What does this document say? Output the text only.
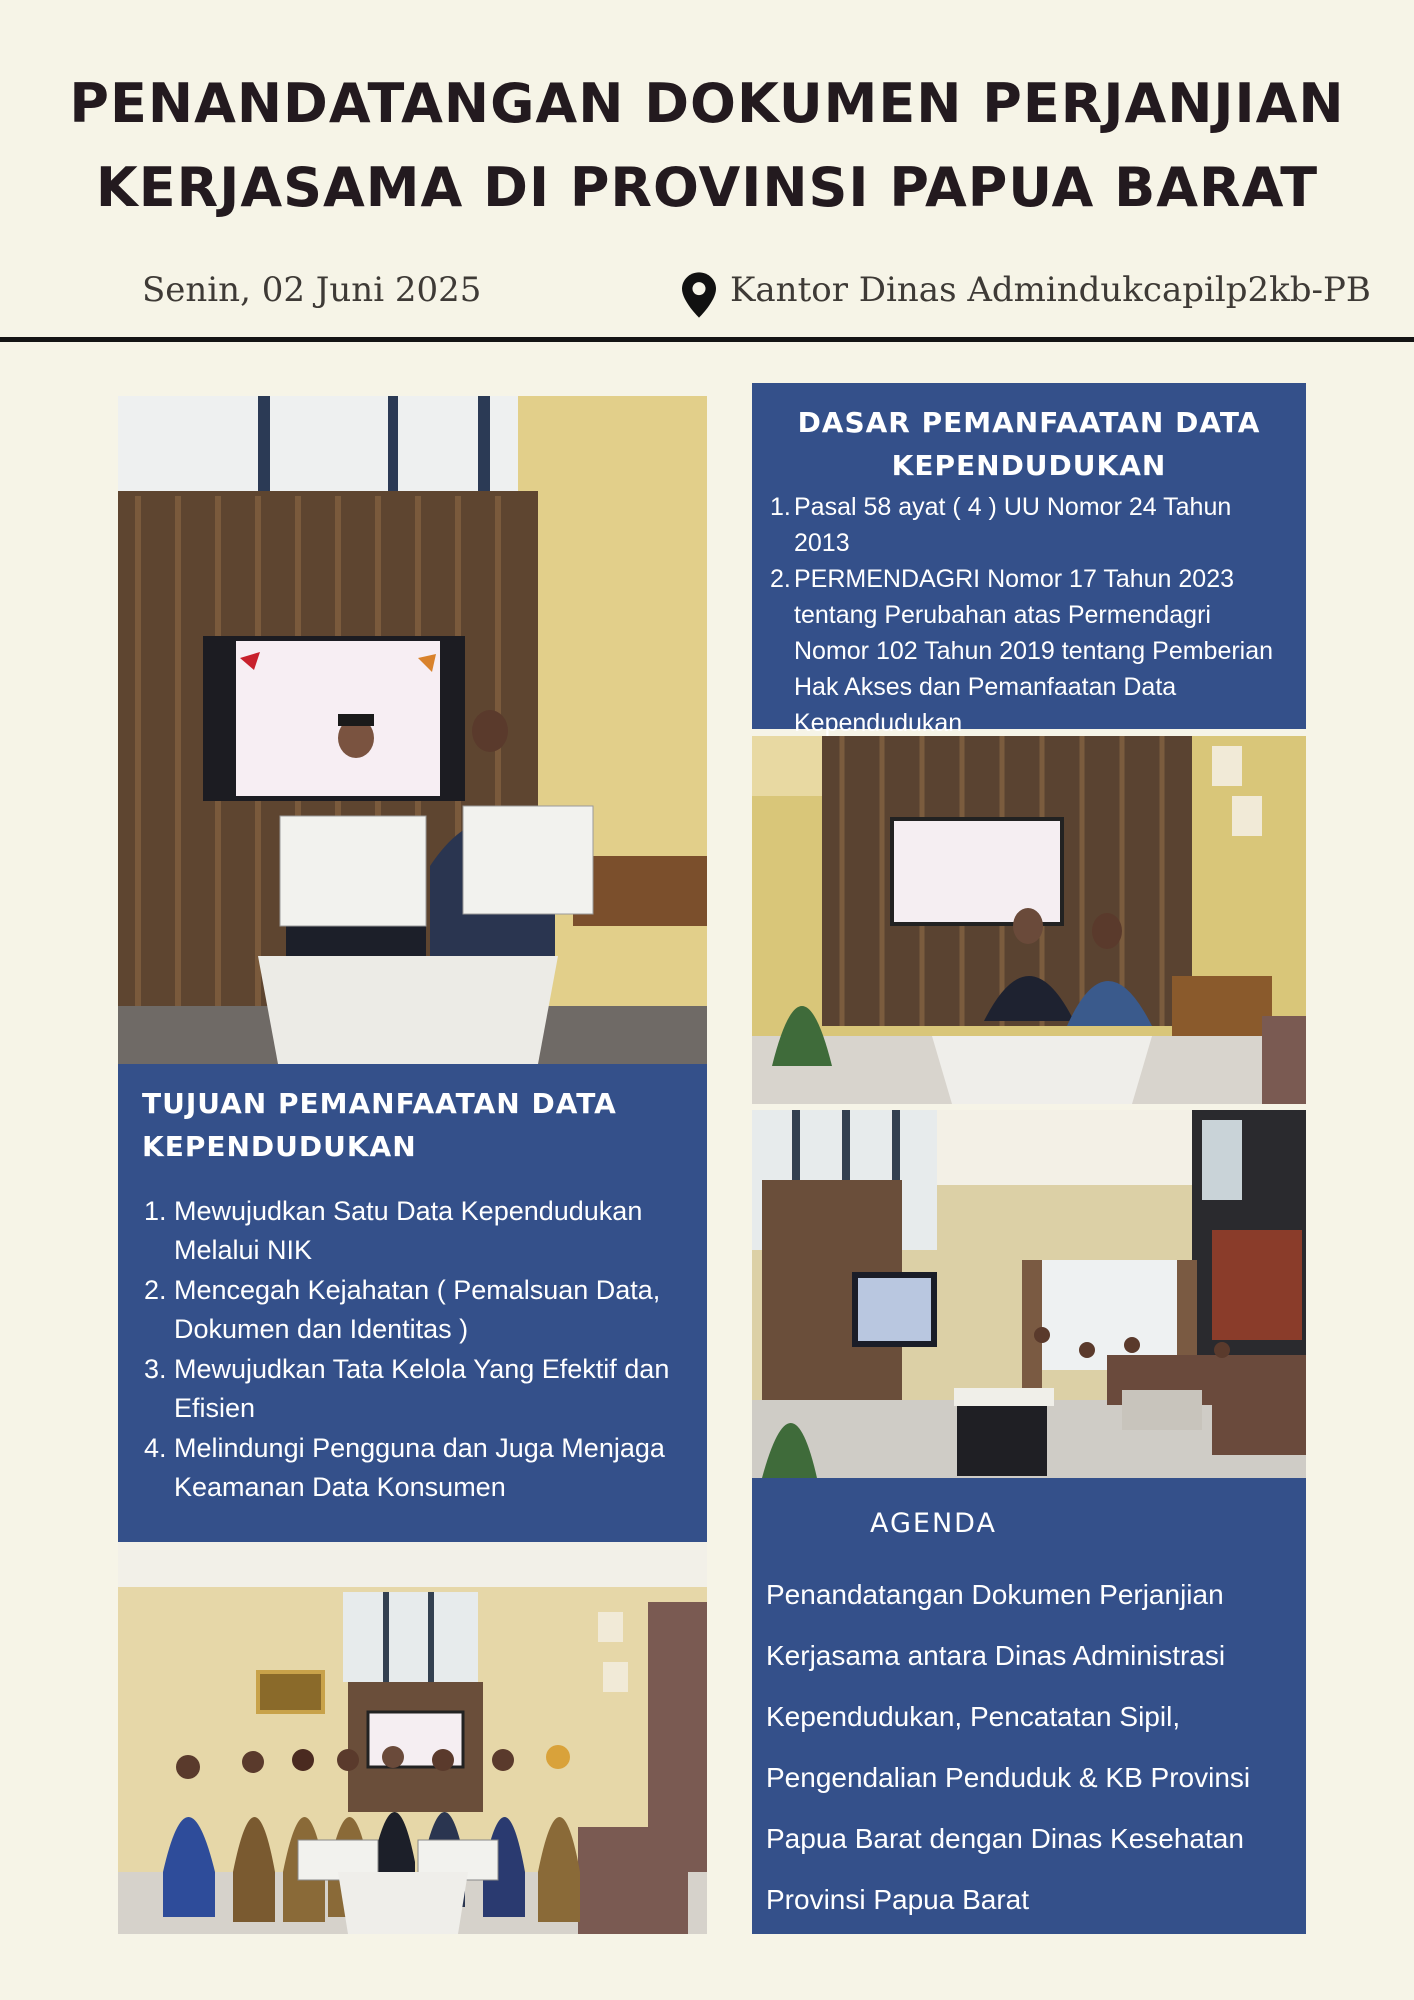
PENANDATANGAN DOKUMEN PERJANJIAN
KERJASAMA DI PROVINSI PAPUA BARAT
Senin, 02 Juni 2025	Kantor Dinas Admindukcapilp2kb-PB
DASAR PEMANFAATAN DATA KEPENDUDUKAN
1. Pasal 58 ayat ( 4 ) UU Nomor 24 Tahun 2013
2. PERMENDAGRI Nomor 17 Tahun 2023 tentang Perubahan atas Permendagri Nomor 102 Tahun 2019 tentang Pemberian Hak Akses dan Pemanfaatan Data Kependudukan
TUJUAN PEMANFAATAN DATA KEPENDUDUKAN
1. Mewujudkan Satu Data Kependudukan Melalui NIK
2. Mencegah Kejahatan ( Pemalsuan Data, Dokumen dan Identitas )
3. Mewujudkan Tata Kelola Yang Efektif dan Efisien
4. Melindungi Pengguna dan Juga Menjaga Keamanan Data Konsumen
AGENDA
Penandatangan Dokumen Perjanjian Kerjasama antara Dinas Administrasi Kependudukan, Pencatatan Sipil, Pengendalian Penduduk & KB Provinsi Papua Barat dengan Dinas Kesehatan Provinsi Papua Barat
